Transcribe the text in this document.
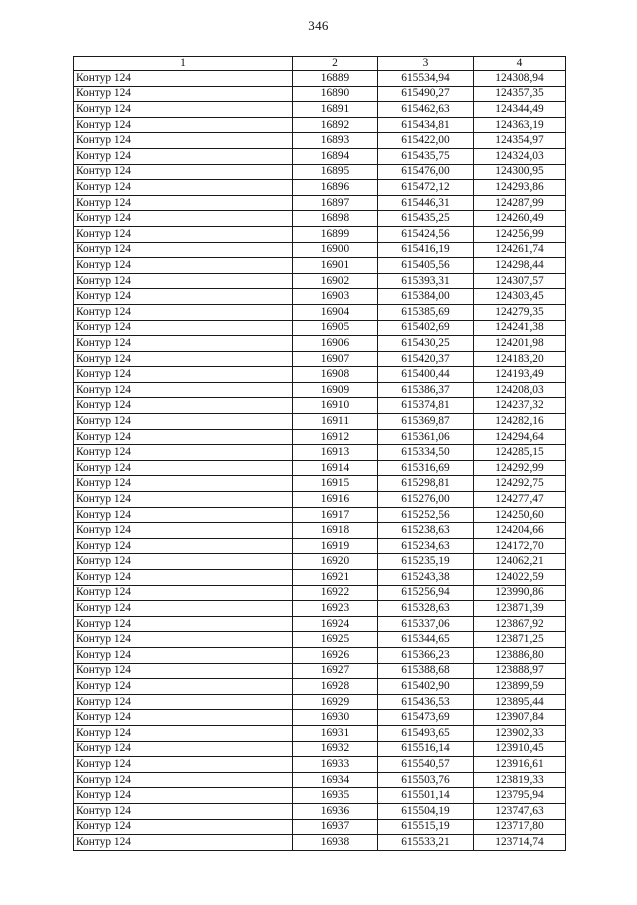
346
1	2	3	4
Контур 124	16889	615534,94	124308,94
Контур 124	16890	615490,27	124357,35
Контур 124	16891	615462,63	124344,49
Контур 124	16892	615434,81	124363,19
Контур 124	16893	615422,00	124354,97
Контур 124	16894	615435,75	124324,03
Контур 124	16895	615476,00	124300,95
Контур 124	16896	615472,12	124293,86
Контур 124	16897	615446,31	124287,99
Контур 124	16898	615435,25	124260,49
Контур 124	16899	615424,56	124256,99
Контур 124	16900	615416,19	124261,74
Контур 124	16901	615405,56	124298,44
Контур 124	16902	615393,31	124307,57
Контур 124	16903	615384,00	124303,45
Контур 124	16904	615385,69	124279,35
Контур 124	16905	615402,69	124241,38
Контур 124	16906	615430,25	124201,98
Контур 124	16907	615420,37	124183,20
Контур 124	16908	615400,44	124193,49
Контур 124	16909	615386,37	124208,03
Контур 124	16910	615374,81	124237,32
Контур 124	16911	615369,87	124282,16
Контур 124	16912	615361,06	124294,64
Контур 124	16913	615334,50	124285,15
Контур 124	16914	615316,69	124292,99
Контур 124	16915	615298,81	124292,75
Контур 124	16916	615276,00	124277,47
Контур 124	16917	615252,56	124250,60
Контур 124	16918	615238,63	124204,66
Контур 124	16919	615234,63	124172,70
Контур 124	16920	615235,19	124062,21
Контур 124	16921	615243,38	124022,59
Контур 124	16922	615256,94	123990,86
Контур 124	16923	615328,63	123871,39
Контур 124	16924	615337,06	123867,92
Контур 124	16925	615344,65	123871,25
Контур 124	16926	615366,23	123886,80
Контур 124	16927	615388,68	123888,97
Контур 124	16928	615402,90	123899,59
Контур 124	16929	615436,53	123895,44
Контур 124	16930	615473,69	123907,84
Контур 124	16931	615493,65	123902,33
Контур 124	16932	615516,14	123910,45
Контур 124	16933	615540,57	123916,61
Контур 124	16934	615503,76	123819,33
Контур 124	16935	615501,14	123795,94
Контур 124	16936	615504,19	123747,63
Контур 124	16937	615515,19	123717,80
Контур 124	16938	615533,21	123714,74
